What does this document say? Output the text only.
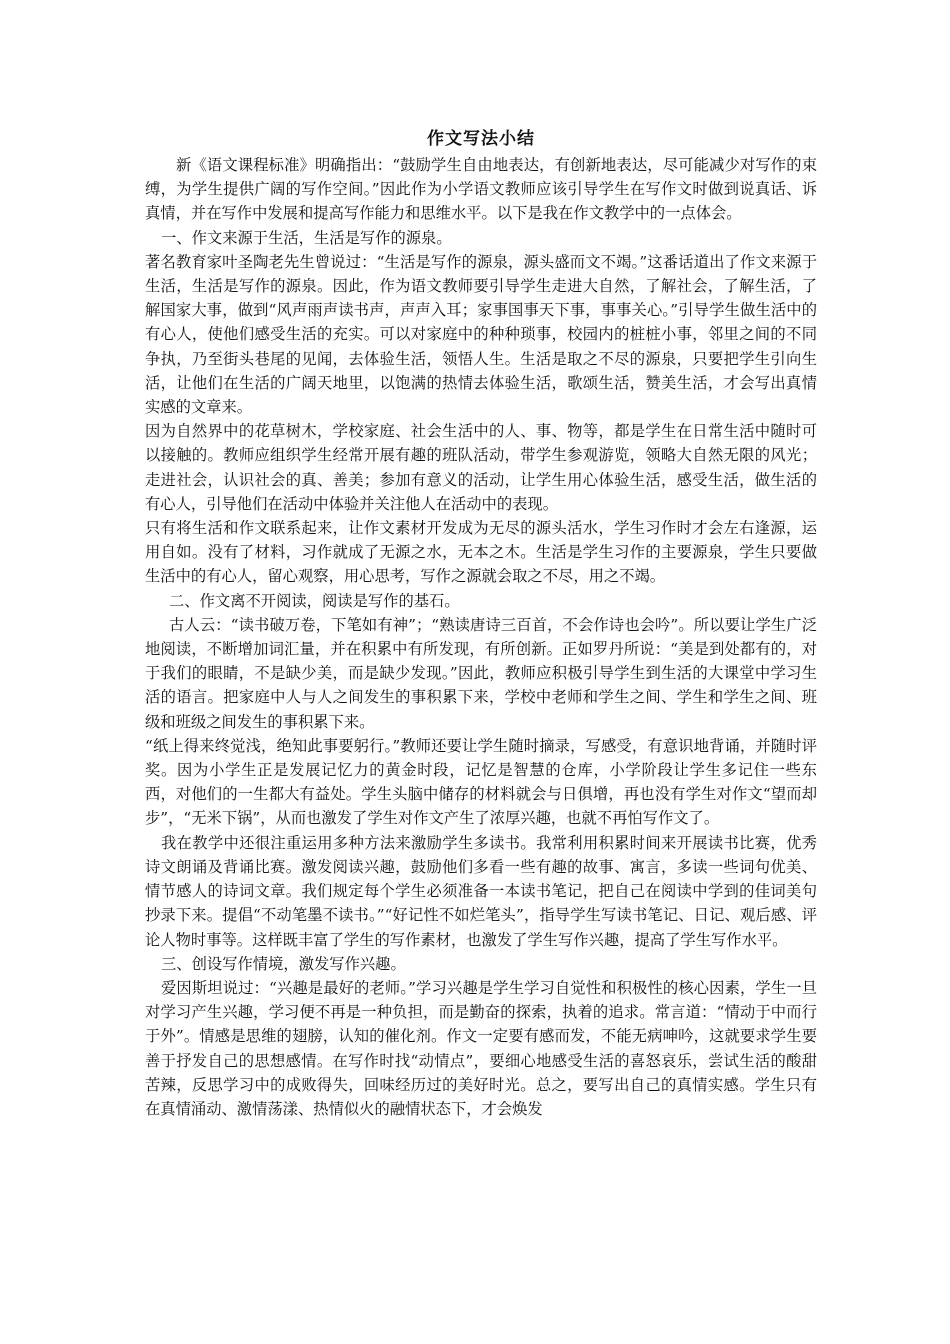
作文写法小结

新《语文课程标准》明确指出：“鼓励学生自由地表达，有创新地表达，尽可能减少对写作的束缚，为学生提供广阔的写作空间。”因此作为小学语文教师应该引导学生在写作文时做到说真话、诉真情，并在写作中发展和提高写作能力和思维水平。以下是我在作文教学中的一点体会。

一、作文来源于生活，生活是写作的源泉。

著名教育家叶圣陶老先生曾说过：“生活是写作的源泉，源头盛而文不竭。”这番话道出了作文来源于生活，生活是写作的源泉。因此，作为语文教师要引导学生走进大自然，了解社会，了解生活，了解国家大事，做到“风声雨声读书声，声声入耳；家事国事天下事，事事关心。”引导学生做生活中的有心人，使他们感受生活的充实。可以对家庭中的种种琐事，校园内的桩桩小事，邻里之间的不同争执，乃至街头巷尾的见闻，去体验生活，领悟人生。生活是取之不尽的源泉，只要把学生引向生活，让他们在生活的广阔天地里，以饱满的热情去体验生活，歌颂生活，赞美生活，才会写出真情实感的文章来。

因为自然界中的花草树木，学校家庭、社会生活中的人、事、物等，都是学生在日常生活中随时可以接触的。教师应组织学生经常开展有趣的班队活动，带学生参观游览，领略大自然无限的风光；走进社会，认识社会的真、善美；参加有意义的活动，让学生用心体验生活，感受生活，做生活的有心人，引导他们在活动中体验并关注他人在活动中的表现。

只有将生活和作文联系起来，让作文素材开发成为无尽的源头活水，学生习作时才会左右逢源，运用自如。没有了材料，习作就成了无源之水，无本之木。生活是学生习作的主要源泉，学生只要做生活中的有心人，留心观察，用心思考，写作之源就会取之不尽，用之不竭。

二、作文离不开阅读，阅读是写作的基石。

古人云：“读书破万卷，下笔如有神”；“熟读唐诗三百首，不会作诗也会吟”。所以要让学生广泛地阅读，不断增加词汇量，并在积累中有所发现，有所创新。正如罗丹所说：“美是到处都有的，对于我们的眼睛，不是缺少美，而是缺少发现。”因此，教师应积极引导学生到生活的大课堂中学习生活的语言。把家庭中人与人之间发生的事积累下来，学校中老师和学生之间、学生和学生之间、班级和班级之间发生的事积累下来。

“纸上得来终觉浅，绝知此事要躬行。”教师还要让学生随时摘录，写感受，有意识地背诵，并随时评奖。因为小学生正是发展记忆力的黄金时段，记忆是智慧的仓库，小学阶段让学生多记住一些东西，对他们的一生都大有益处。学生头脑中储存的材料就会与日俱增，再也没有学生对作文“望而却步”，“无米下锅”，从而也激发了学生对作文产生了浓厚兴趣，也就不再怕写作文了。

我在教学中还很注重运用多种方法来激励学生多读书。我常利用积累时间来开展读书比赛，优秀诗文朗诵及背诵比赛。激发阅读兴趣，鼓励他们多看一些有趣的故事、寓言，多读一些词句优美、情节感人的诗词文章。我们规定每个学生必须准备一本读书笔记，把自己在阅读中学到的佳词美句抄录下来。提倡“不动笔墨不读书。”“好记性不如烂笔头”，指导学生写读书笔记、日记、观后感、评论人物时事等。这样既丰富了学生的写作素材，也激发了学生写作兴趣，提高了学生写作水平。

三、创设写作情境，激发写作兴趣。

爱因斯坦说过：“兴趣是最好的老师。”学习兴趣是学生学习自觉性和积极性的核心因素，学生一旦对学习产生兴趣，学习便不再是一种负担，而是勤奋的探索，执着的追求。常言道：“情动于中而行于外”。情感是思维的翅膀，认知的催化剂。作文一定要有感而发，不能无病呻吟，这就要求学生要善于抒发自己的思想感情。在写作时找“动情点”，要细心地感受生活的喜怒哀乐，尝试生活的酸甜苦辣，反思学习中的成败得失，回味经历过的美好时光。总之，要写出自己的真情实感。学生只有在真情涌动、激情荡漾、热情似火的融情状态下，才会焕发
